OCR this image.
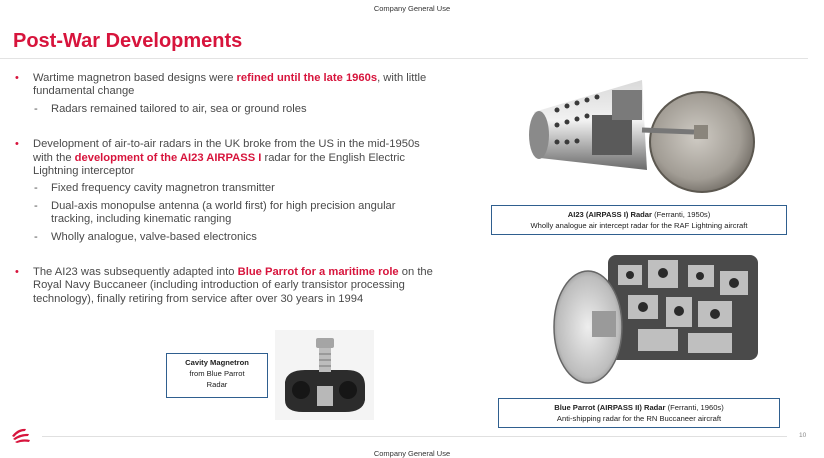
Company General Use
Post-War Developments
• Wartime magnetron based designs were refined until the late 1960s, with little fundamental change
- Radars remained tailored to air, sea or ground roles
• Development of air-to-air radars in the UK broke from the US in the mid-1950s with the development of the AI23 AIRPASS I radar for the English Electric Lightning interceptor
- Fixed frequency cavity magnetron transmitter
- Dual-axis monopulse antenna (a world first) for high precision angular tracking, including kinematic ranging
- Wholly analogue, valve-based electronics
• The AI23 was subsequently adapted into Blue Parrot for a maritime role on the Royal Navy Buccaneer (including introduction of early transistor processing technology), finally retiring from service after over 30 years in 1994
AI23 (AIRPASS I) Radar (Ferranti, 1950s)
Wholly analogue air intercept radar for the RAF Lightning aircraft
Blue Parrot (AIRPASS II) Radar (Ferranti, 1960s)
Anti-shipping radar for the RN Buccaneer aircraft
Cavity Magnetron
from Blue Parrot
Radar
10
Company General Use
